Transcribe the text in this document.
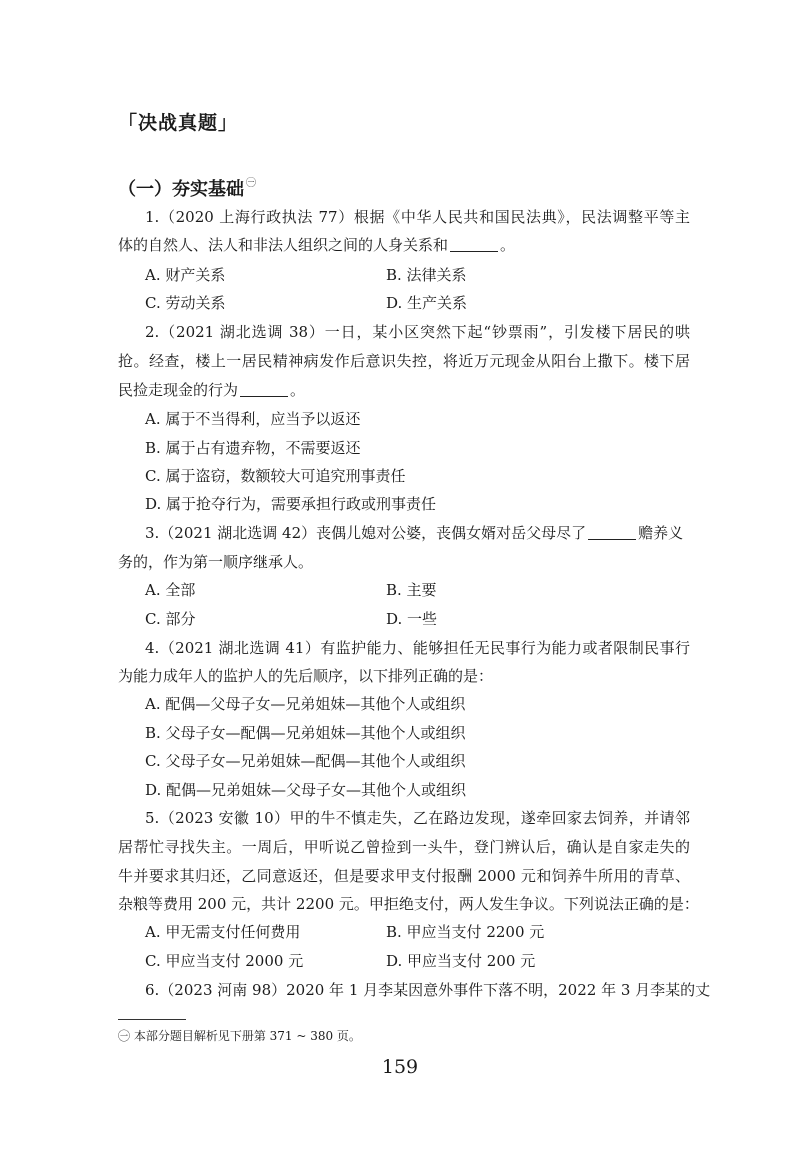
「决战真题」
（一）夯实基础 $^㊀$
1.（2020 上海行政执法 77）根据《中华人民共和国民法典》，民法调整平等主
体的自然人、法人和非法人组织之间的人身关系和	。
A. 财产关系	B. 法律关系
C. 劳动关系	D. 生产关系
2.（2021 湖北选调 38）一日，某小区突然下起“钞票雨”，引发楼下居民的哄
抢。经查，楼上一居民精神病发作后意识失控，将近万元现金从阳台上撒下。楼下居
民捡走现金的行为	。
A. 属于不当得利，应当予以返还
B. 属于占有遗弃物，不需要返还
C. 属于盗窃，数额较大可追究刑事责任
D. 属于抢夺行为，需要承担行政或刑事责任
3.（2021 湖北选调 42）丧偶儿媳对公婆，丧偶女婿对岳父母尽了	赡养义
务的，作为第一顺序继承人。
A. 全部	B. 主要
C. 部分	D. 一些
4.（2021 湖北选调 41）有监护能力、能够担任无民事行为能力或者限制民事行
为能力成年人的监护人的先后顺序，以下排列正确的是：
A. 配偶—父母子女—兄弟姐妹—其他个人或组织
B. 父母子女—配偶—兄弟姐妹—其他个人或组织
C. 父母子女—兄弟姐妹—配偶—其他个人或组织
D. 配偶—兄弟姐妹—父母子女—其他个人或组织
5.（2023 安徽 10）甲的牛不慎走失，乙在路边发现，遂牵回家去饲养，并请邻
居帮忙寻找失主。一周后，甲听说乙曾捡到一头牛，登门辨认后，确认是自家走失的
牛并要求其归还，乙同意返还，但是要求甲支付报酬 2000 元和饲养牛所用的青草、
杂粮等费用 200 元，共计 2200 元。甲拒绝支付，两人发生争议。下列说法正确的是：
A. 甲无需支付任何费用	B. 甲应当支付 2200 元
C. 甲应当支付 2000 元	D. 甲应当支付 200 元
6.（2023 河南 98）2020 年 1 月李某因意外事件下落不明，2022 年 3 月李某的丈
㊀ 本部分题目解析见下册第 371 ~ 380 页。
159
